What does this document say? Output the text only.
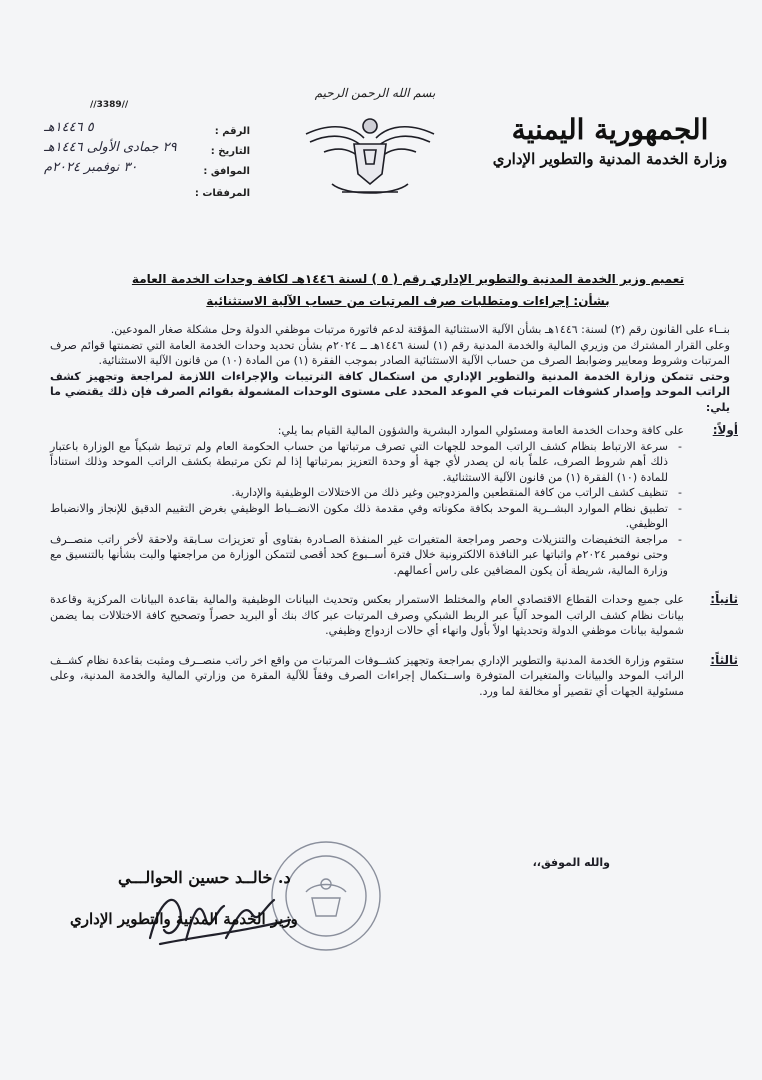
الجمهورية اليمنية
وزارة الخدمة المدنية والتطوير الإداري
بسم الله الرحمن الرحيم
//3389//
الرقم :
٥ ١٤٤٦هـ
التاريخ :
٢٩ جمادى الأولى ١٤٤٦هـ
الموافق :
٣٠ نوفمبر ٢٠٢٤م
المرفقات :
تعميم وزير الخدمة المدنية والتطوير الإداري رقم ( ٥ ) لسنة ١٤٤٦هـ لكافة وحدات الخدمة العامة
بشأن: إجراءات ومتطلبات صرف المرتبات من حساب الآلية الاستثنائية

بنــاء على القانون رقم (٢) لسنة: ١٤٤٦هـ بشأن الآلية الاستثنائية المؤقتة لدعم فاتورة مرتبات موظفي الدولة وحل مشكلة صغار المودعين.

وعلى القرار المشترك من وزيري المالية والخدمة المدنية رقم (١) لسنة ١٤٤٦هـ ــ ٢٠٢٤م بشأن تحديد وحدات الخدمة العامة التي تضمنتها قوائم صرف المرتبات وشروط ومعايير وضوابط الصرف من حساب الآلية الاستثنائية الصادر بموجب الفقرة (١) من المادة (١٠) من قانون الآلية الاستثنائية.

وحتى تتمكن وزارة الخدمة المدنية والتطوير الإداري من استكمال كافة الترتيبات والإجراءات اللازمة لمراجعة وتجهيز كشف الراتب الموحد وإصدار كشوفات المرتبات في الموعد المحدد على مستوى الوحدات المشمولة بقوائم الصرف فإن ذلك يقتضي ما يلي:

أولاً:

على كافة وحدات الخدمة العامة ومسئولي الموارد البشرية والشؤون المالية القيام بما يلي:

- سرعة الارتباط بنظام كشف الراتب الموحد للجهات التي تصرف مرتباتها من حساب الحكومة العام ولم ترتبط شبكياً مع الوزارة باعتبار ذلك أهم شروط الصرف، علماً بانه لن يصدر لأي جهة أو وحدة التعزيز بمرتباتها إذا لم تكن مرتبطة بكشف الراتب الموحد وذلك استناداً للمادة (١٠) الفقرة (١) من قانون الآلية الاستثنائية.
- تنظيف كشف الراتب من كافة المنقطعين والمزدوجين وغير ذلك من الاختلالات الوظيفية والإدارية.
- تطبيق نظام الموارد البشــرية الموحد بكافة مكوناته وفي مقدمة ذلك مكون الانضــباط الوظيفي بغرض التقييم الدقيق للإنجاز والانضباط الوظيفي.
- مراجعة التخفيضات والتنزيلات وحصر ومراجعة المتغيرات غير المنفذة الصـادرة بفتاوى أو تعزيزات سـابقة ولاحقة لأخر راتب منصــرف وحتى نوفمبر ٢٠٢٤م واثباتها عبر النافذة الالكترونية خلال فترة أســبوع كحد أقصى لتتمكن الوزارة من مراجعتها والبت بشأنها بالتنسيق مع وزارة المالية، شريطة أن يكون المضافين على راس أعمالهم.
ثانياً:

على جميع وحدات القطاع الاقتصادي العام والمختلط الاستمرار بعكس وتحديث البيانات الوظيفية والمالية بقاعدة البيانات المركزية وقاعدة بيانات نظام كشف الراتب الموحد آلياً عبر الربط الشبكي وصرف المرتبات عبر كاك بنك أو البريد حصراً وتصحيح كافة الاختلالات بما يضمن شمولية بيانات موظفي الدولة وتحديثها اولاً بأول وانهاء أي حالات ازدواج وظيفي.

ثالثاً:

ستقوم وزارة الخدمة المدنية والتطوير الإداري بمراجعة وتجهيز كشــوفات المرتبات من واقع اخر راتب منصــرف ومثبت بقاعدة نظام كشــف الراتب الموحد والبيانات والمتغيرات المتوفرة واســتكمال إجراءات الصرف وفقاً للآلية المقرة من وزارتي المالية والخدمة المدنية، وعلى مسئولية الجهات أي تقصير أو مخالفة لما ورد.

والله الموفق،،
د. خالــد حسين الحوالـــي
وزير الخدمة المدنية والتطوير الإداري
